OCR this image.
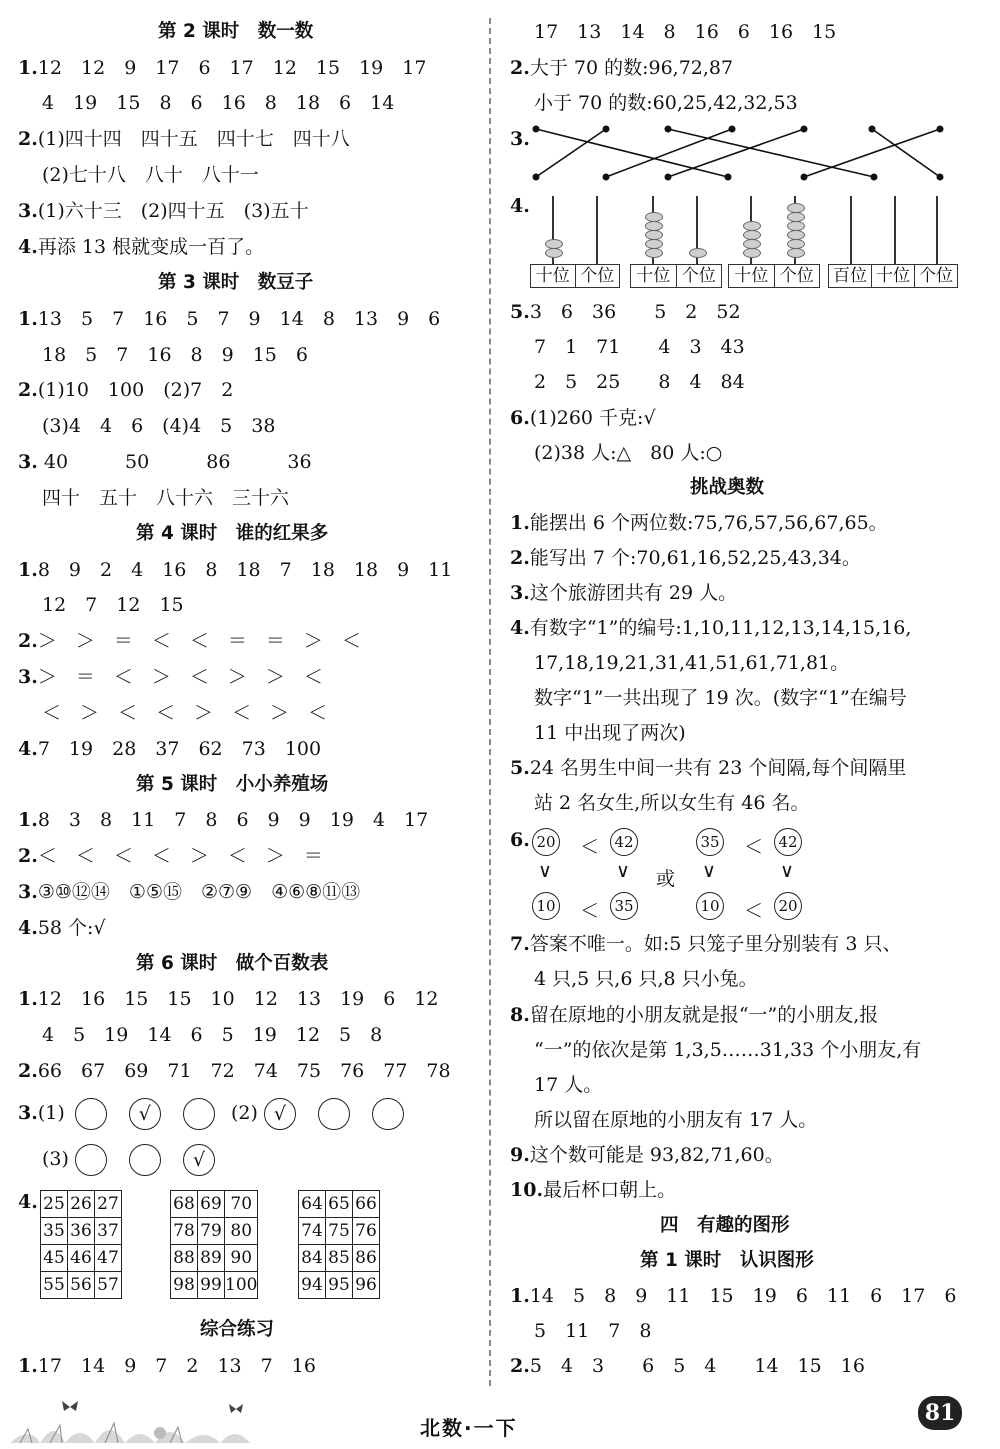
第 2 课时　数一数
1.12　12　9　17　6　17　12　15　19　17
4　19　15　8　6　16　8　18　6　14
2.(1)四十四　四十五　四十七　四十八
(2)七十八　八十　八十一
3.(1)六十三　(2)四十五　(3)五十
4.再添 13 根就变成一百了。
第 3 课时　数豆子
1.13　5　7　16　5　7　9　14　8　13　9　6
18　5　7　16　8　9　15　6
2.(1)10　100　(2)7　2
(3)4　4　6　(4)4　5　38
3. 40　　　50　　　86　　　36
四十　五十　八十六　三十六
第 4 课时　谁的红果多
1.8　9　2　4　16　8　18　7　18　18　9　11
12　7　12　15
2.＞　＞　＝　＜　＜　＝　＝　＞　＜
3.＞　＝　＜　＞　＜　＞　＞　＜
＜　＞　＜　＜　＞　＜　＞　＜
4.7　19　28　37　62　73　100
第 5 课时　小小养殖场
1.8　3　8　11　7　8　6　9　9　19　4　17
2.＜　＜　＜　＜　＞　＜　＞　＝
3.③⑩⑫⑭　①⑤⑮　②⑦⑨　④⑥⑧⑪⑬
4.58 个:√
第 6 课时　做个百数表
1.12　16　15　15　10　12　13　19　6　12
4　5　19　14　6　5　19　12　5　8
2.66　67　69　71　72　74　75　76　77　78
3.(1)	√	(2) √
(3)	√
4. 25	26	27
35	36	37
45	46	47
55	56	57
68	69	70
78	79	80
88	89	90
98	99	100
64	65	66
74	75	76
84	85	86
94	95	96
综合练习
1.17　14　9　7　2　13　7　16
17　13　14　8　16　6　16　15
2.大于 70 的数:96,72,87
小于 70 的数:60,25,42,32,53
3.
4.
十位 个位	十位 个位	十位 个位	百位 十位 个位
5.3　6　36　　5　2　52
7　1　71　　4　3　43
2　5　25　　8　4　84
6.(1)260 千克:√
(2)38 人:△　80 人:○
挑战奥数
1.能摆出 6 个两位数:75,76,57,56,67,65。
2.能写出 7 个:70,61,16,52,25,43,34。
3.这个旅游团共有 29 人。
4.有数字“1”的编号:1,10,11,12,13,14,15,16,
17,18,19,21,31,41,51,61,71,81。
数字“1”一共出现了 19 次。(数字“1”在编号
11 中出现了两次)
5.24 名男生中间一共有 23 个间隔,每个间隔里
站 2 名女生,所以女生有 46 名。
6. 20 ＜ 42	35 ＜ 42
∨	∨ 或 ∨	∨
10 ＜ 35	10 ＜ 20
7.答案不唯一。如:5 只笼子里分别装有 3 只、
4 只,5 只,6 只,8 只小兔。
8.留在原地的小朋友就是报“一”的小朋友,报
“一”的依次是第 1,3,5……31,33 个小朋友,有
17 人。
所以留在原地的小朋友有 17 人。
9.这个数可能是 93,82,71,60。
10.最后杯口朝上。
四　有趣的图形
第 1 课时　认识图形
1.14　5　8　9　11　15　19　6　11　6　17　6
5　11　7　8
2.5　4　3　　6　5　4　　14　15　16
北数·一下
81
